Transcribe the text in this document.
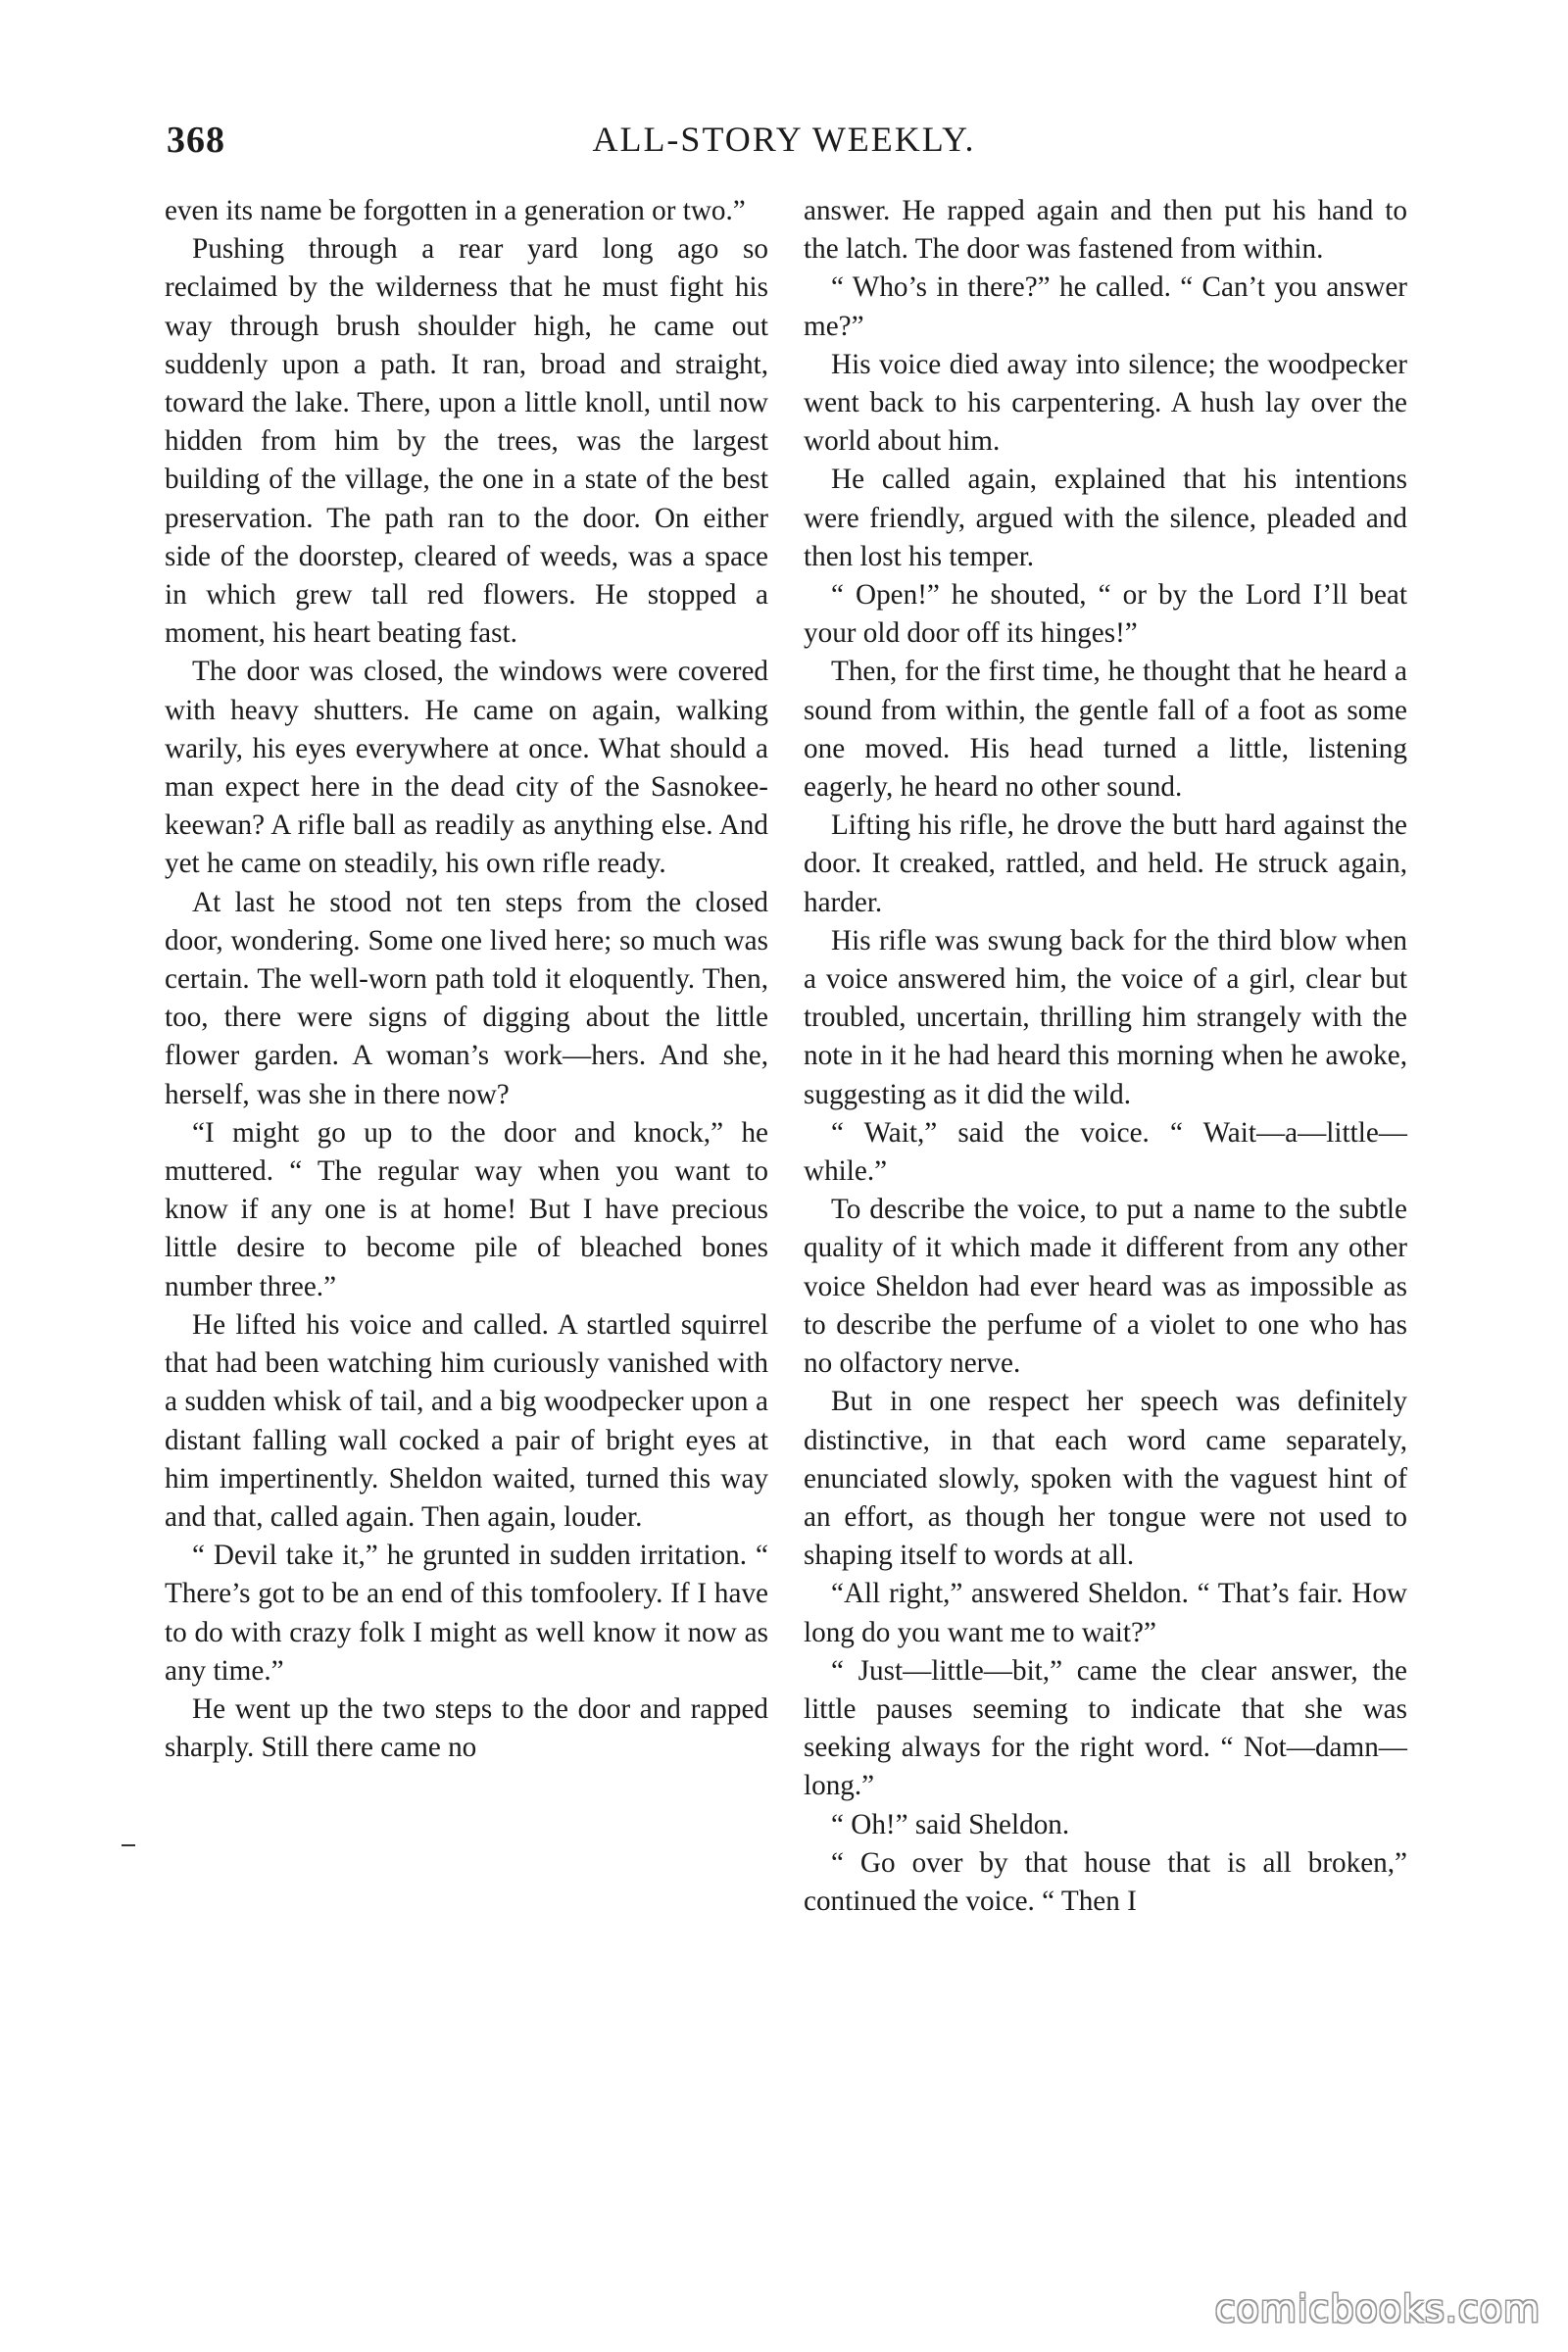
368	ALL-STORY WEEKLY.

even its name be forgotten in a generation or two.”

Pushing through a rear yard long ago so reclaimed by the wilderness that he must fight his way through brush shoulder high, he came out suddenly upon a path. It ran, broad and straight, toward the lake. There, upon a little knoll, until now hidden from him by the trees, was the largest building of the village, the one in a state of the best preservation. The path ran to the door. On either side of the doorstep, cleared of weeds, was a space in which grew tall red flowers. He stopped a moment, his heart beating fast.

The door was closed, the windows were covered with heavy shutters. He came on again, walking warily, his eyes everywhere at once. What should a man expect here in the dead city of the Sasnokee-keewan? A rifle ball as readily as anything else. And yet he came on steadily, his own rifle ready.

At last he stood not ten steps from the closed door, wondering. Some one lived here; so much was certain. The well-worn path told it eloquently. Then, too, there were signs of digging about the little flower garden. A woman’s work—hers. And she, herself, was she in there now?

“I might go up to the door and knock,” he muttered. “ The regular way when you want to know if any one is at home! But I have precious little desire to become pile of bleached bones number three.”

He lifted his voice and called. A startled squirrel that had been watching him curiously vanished with a sudden whisk of tail, and a big woodpecker upon a distant falling wall cocked a pair of bright eyes at him impertinently. Sheldon waited, turned this way and that, called again. Then again, louder.

“ Devil take it,” he grunted in sudden irritation. “ There’s got to be an end of this tomfoolery. If I have to do with crazy folk I might as well know it now as any time.”

He went up the two steps to the door and rapped sharply. Still there came no

answer. He rapped again and then put his hand to the latch. The door was fastened from within.

“ Who’s in there?” he called. “ Can’t you answer me?”

His voice died away into silence; the woodpecker went back to his carpentering. A hush lay over the world about him.

He called again, explained that his intentions were friendly, argued with the silence, pleaded and then lost his temper.

“ Open!” he shouted, “ or by the Lord I’ll beat your old door off its hinges!”

Then, for the first time, he thought that he heard a sound from within, the gentle fall of a foot as some one moved. His head turned a little, listening eagerly, he heard no other sound.

Lifting his rifle, he drove the butt hard against the door. It creaked, rattled, and held. He struck again, harder.

His rifle was swung back for the third blow when a voice answered him, the voice of a girl, clear but troubled, uncertain, thrilling him strangely with the note in it he had heard this morning when he awoke, suggesting as it did the wild.

“ Wait,” said the voice. “ Wait—a—little—while.”

To describe the voice, to put a name to the subtle quality of it which made it different from any other voice Sheldon had ever heard was as impossible as to describe the perfume of a violet to one who has no olfactory nerve.

But in one respect her speech was definitely distinctive, in that each word came separately, enunciated slowly, spoken with the vaguest hint of an effort, as though her tongue were not used to shaping itself to words at all.

“All right,” answered Sheldon. “ That’s fair. How long do you want me to wait?”

“ Just—little—bit,” came the clear answer, the little pauses seeming to indicate that she was seeking always for the right word. “ Not—damn—long.”

“ Oh!” said Sheldon.

“ Go over by that house that is all broken,” continued the voice. “ Then I

comicbooks.com
